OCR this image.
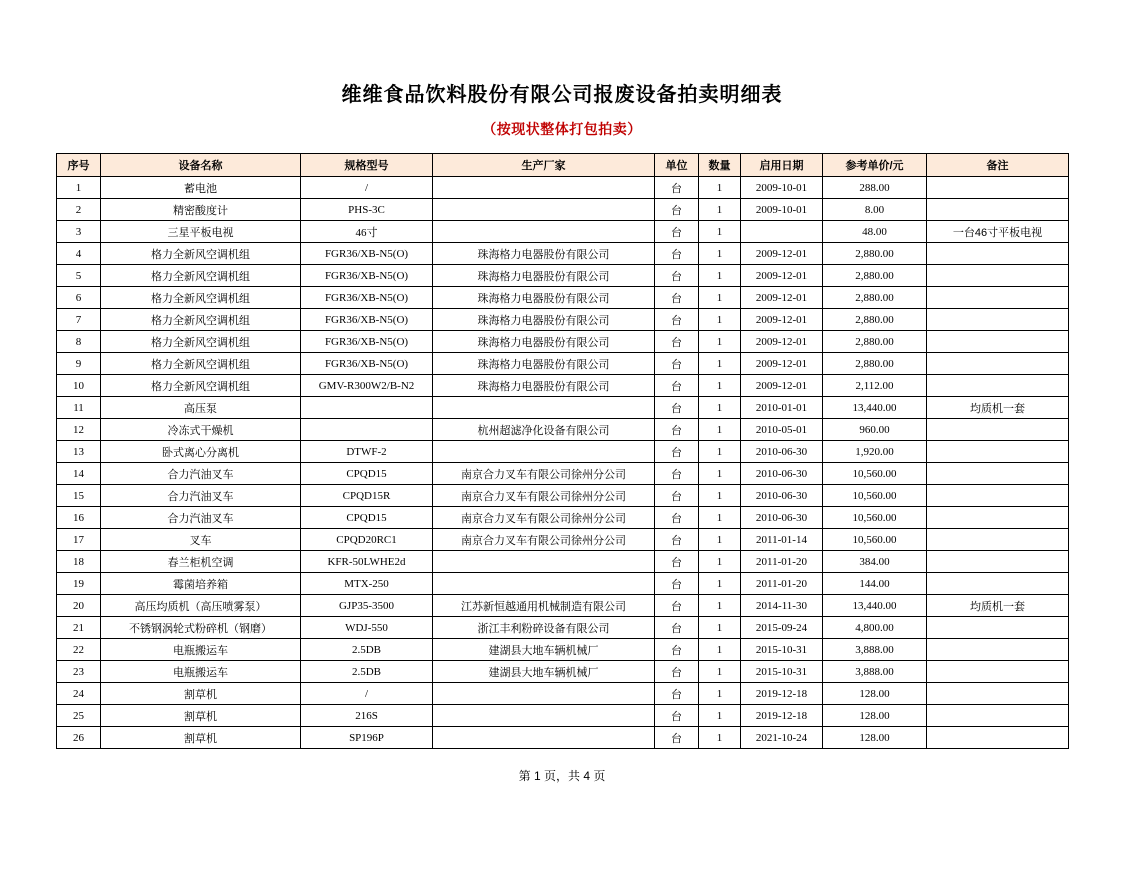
维维食品饮料股份有限公司报废设备拍卖明细表
（按现状整体打包拍卖）
序号	设备名称	规格型号	生产厂家	单位	数量	启用日期	参考单价/元	备注
1	蓄电池	/		台	1	2009-10-01	288.00	
2	精密酸度计	PHS-3C		台	1	2009-10-01	8.00	
3	三星平板电视	46寸		台	1		48.00	一台46寸平板电视
4	格力全新风空调机组	FGR36/XB-N5(O)	珠海格力电器股份有限公司	台	1	2009-12-01	2,880.00	
5	格力全新风空调机组	FGR36/XB-N5(O)	珠海格力电器股份有限公司	台	1	2009-12-01	2,880.00	
6	格力全新风空调机组	FGR36/XB-N5(O)	珠海格力电器股份有限公司	台	1	2009-12-01	2,880.00	
7	格力全新风空调机组	FGR36/XB-N5(O)	珠海格力电器股份有限公司	台	1	2009-12-01	2,880.00	
8	格力全新风空调机组	FGR36/XB-N5(O)	珠海格力电器股份有限公司	台	1	2009-12-01	2,880.00	
9	格力全新风空调机组	FGR36/XB-N5(O)	珠海格力电器股份有限公司	台	1	2009-12-01	2,880.00	
10	格力全新风空调机组	GMV-R300W2/B-N2	珠海格力电器股份有限公司	台	1	2009-12-01	2,112.00	
11	高压泵			台	1	2010-01-01	13,440.00	均质机一套
12	冷冻式干燥机		杭州超滤净化设备有限公司	台	1	2010-05-01	960.00	
13	卧式离心分离机	DTWF-2		台	1	2010-06-30	1,920.00	
14	合力汽油叉车	CPQD15	南京合力叉车有限公司徐州分公司	台	1	2010-06-30	10,560.00	
15	合力汽油叉车	CPQD15R	南京合力叉车有限公司徐州分公司	台	1	2010-06-30	10,560.00	
16	合力汽油叉车	CPQD15	南京合力叉车有限公司徐州分公司	台	1	2010-06-30	10,560.00	
17	叉车	CPQD20RC1	南京合力叉车有限公司徐州分公司	台	1	2011-01-14	10,560.00	
18	春兰柜机空调	KFR-50LWHE2d		台	1	2011-01-20	384.00	
19	霉菌培养箱	MTX-250		台	1	2011-01-20	144.00	
20	高压均质机（高压喷雾泵）	GJP35-3500	江苏新恒越通用机械制造有限公司	台	1	2014-11-30	13,440.00	均质机一套
21	不锈钢涡轮式粉碎机（钢磨）	WDJ-550	浙江丰利粉碎设备有限公司	台	1	2015-09-24	4,800.00	
22	电瓶搬运车	2.5DB	建湖县大地车辆机械厂	台	1	2015-10-31	3,888.00	
23	电瓶搬运车	2.5DB	建湖县大地车辆机械厂	台	1	2015-10-31	3,888.00	
24	割草机	/		台	1	2019-12-18	128.00	
25	割草机	216S		台	1	2019-12-18	128.00	
26	割草机	SP196P		台	1	2021-10-24	128.00	
第 1 页，共 4 页
